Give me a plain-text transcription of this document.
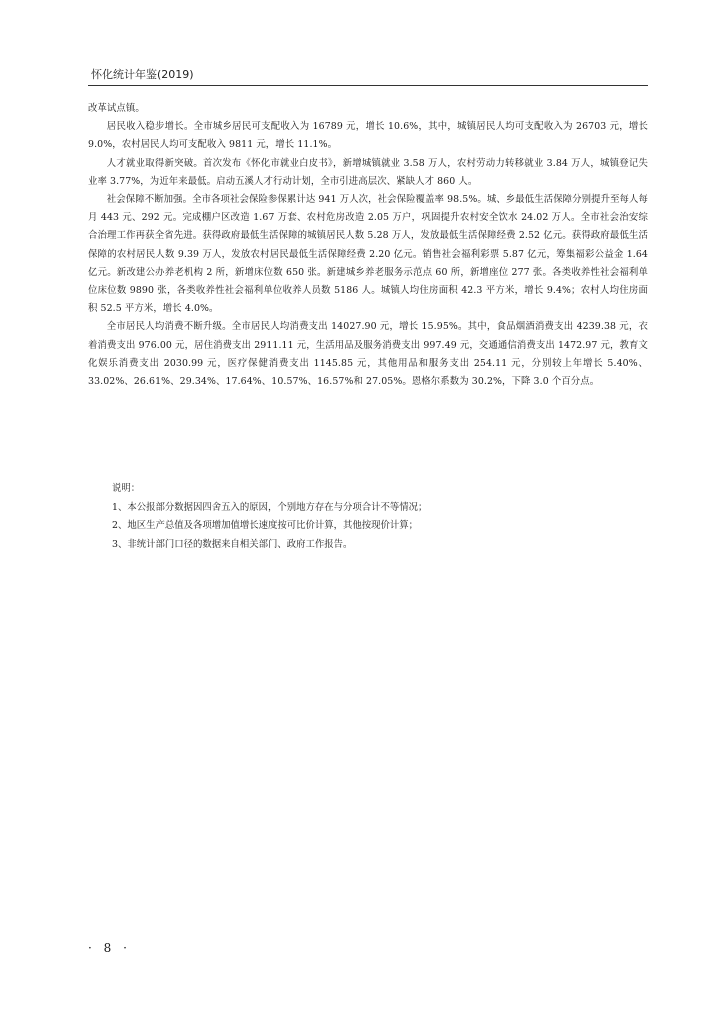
怀化统计年鉴(2019)

改革试点镇。

居民收入稳步增长。全市城乡居民可支配收入为 16789 元，增长 10.6%，其中，城镇居民人均可支配收入为 26703 元，增长 9.0%，农村居民人均可支配收入 9811 元，增长 11.1%。

人才就业取得新突破。首次发布《怀化市就业白皮书》，新增城镇就业 3.58 万人，农村劳动力转移就业 3.84 万人，城镇登记失业率 3.77%，为近年来最低。启动五溪人才行动计划，全市引进高层次、紧缺人才 860 人。

社会保障不断加强。全市各项社会保险参保累计达 941 万人次，社会保险覆盖率 98.5%。城、乡最低生活保障分别提升至每人每月 443 元、292 元。完成棚户区改造 1.67 万套、农村危房改造 2.05 万户，巩固提升农村安全饮水 24.02 万人。全市社会治安综合治理工作再获全省先进。获得政府最低生活保障的城镇居民人数 5.28 万人，发放最低生活保障经费 2.52 亿元。获得政府最低生活保障的农村居民人数 9.39 万人，发放农村居民最低生活保障经费 2.20 亿元。销售社会福利彩票 5.87 亿元，筹集福彩公益金 1.64 亿元。新改建公办养老机构 2 所，新增床位数 650 张。新建城乡养老服务示范点 60 所，新增座位 277 张。各类收养性社会福利单位床位数 9890 张，各类收养性社会福利单位收养人员数 5186 人。城镇人均住房面积 42.3 平方米，增长 9.4%；农村人均住房面积 52.5 平方米，增长 4.0%。

全市居民人均消费不断升级。全市居民人均消费支出 14027.90 元，增长 15.95%。其中，食品烟酒消费支出 4239.38 元，衣着消费支出 976.00 元，居住消费支出 2911.11 元，生活用品及服务消费支出 997.49 元，交通通信消费支出 1472.97 元，教育文化娱乐消费支出 2030.99 元，医疗保健消费支出 1145.85 元，其他用品和服务支出 254.11 元，分别较上年增长 5.40%、33.02%、26.61%、29.34%、17.64%、10.57%、16.57%和 27.05%。恩格尔系数为 30.2%，下降 3.0 个百分点。

说明：
1、本公报部分数据因四舍五入的原因，个别地方存在与分项合计不等情况；
2、地区生产总值及各项增加值增长速度按可比价计算，其他按现价计算；
3、非统计部门口径的数据来自相关部门、政府工作报告。
· 8 ·
